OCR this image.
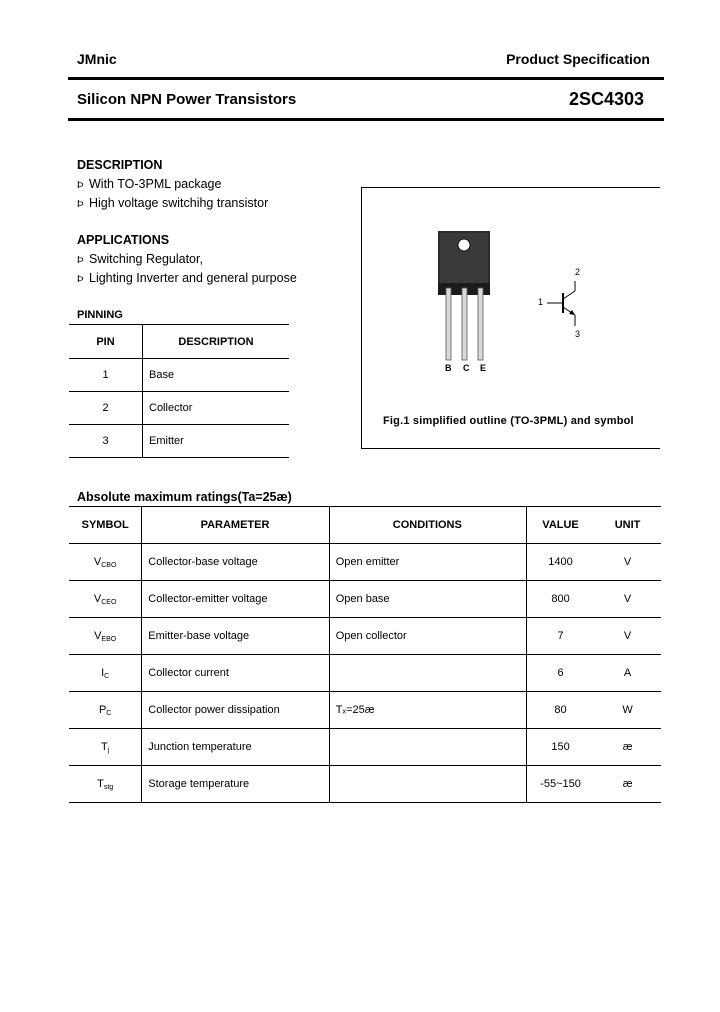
JMnic	Product Specification
Silicon NPN Power Transistors	2SC4303
DESCRIPTION
Þ With TO-3PML package
Þ High voltage switchihg transistor
APPLICATIONS
Þ Switching Regulator,
Þ Lighting Inverter and general purpose
PINNING
PIN	DESCRIPTION
1	Base
2	Collector
3	Emitter
B C E
1
2
3
Fig.1 simplified outline (TO-3PML) and symbol
Absolute maximum ratings(Ta=25æ)
SYMBOL	PARAMETER	CONDITIONS	VALUE	UNIT
VCBO	Collector-base voltage	Open emitter	1400	V
VCEO	Collector-emitter voltage	Open base	800	V
VEBO	Emitter-base voltage	Open collector	7	V
IC	Collector current		6	A
PC	Collector power dissipation	Tₓ=25æ	80	W
Tj	Junction temperature		150	æ
Tstg	Storage temperature		-55~150	æ
